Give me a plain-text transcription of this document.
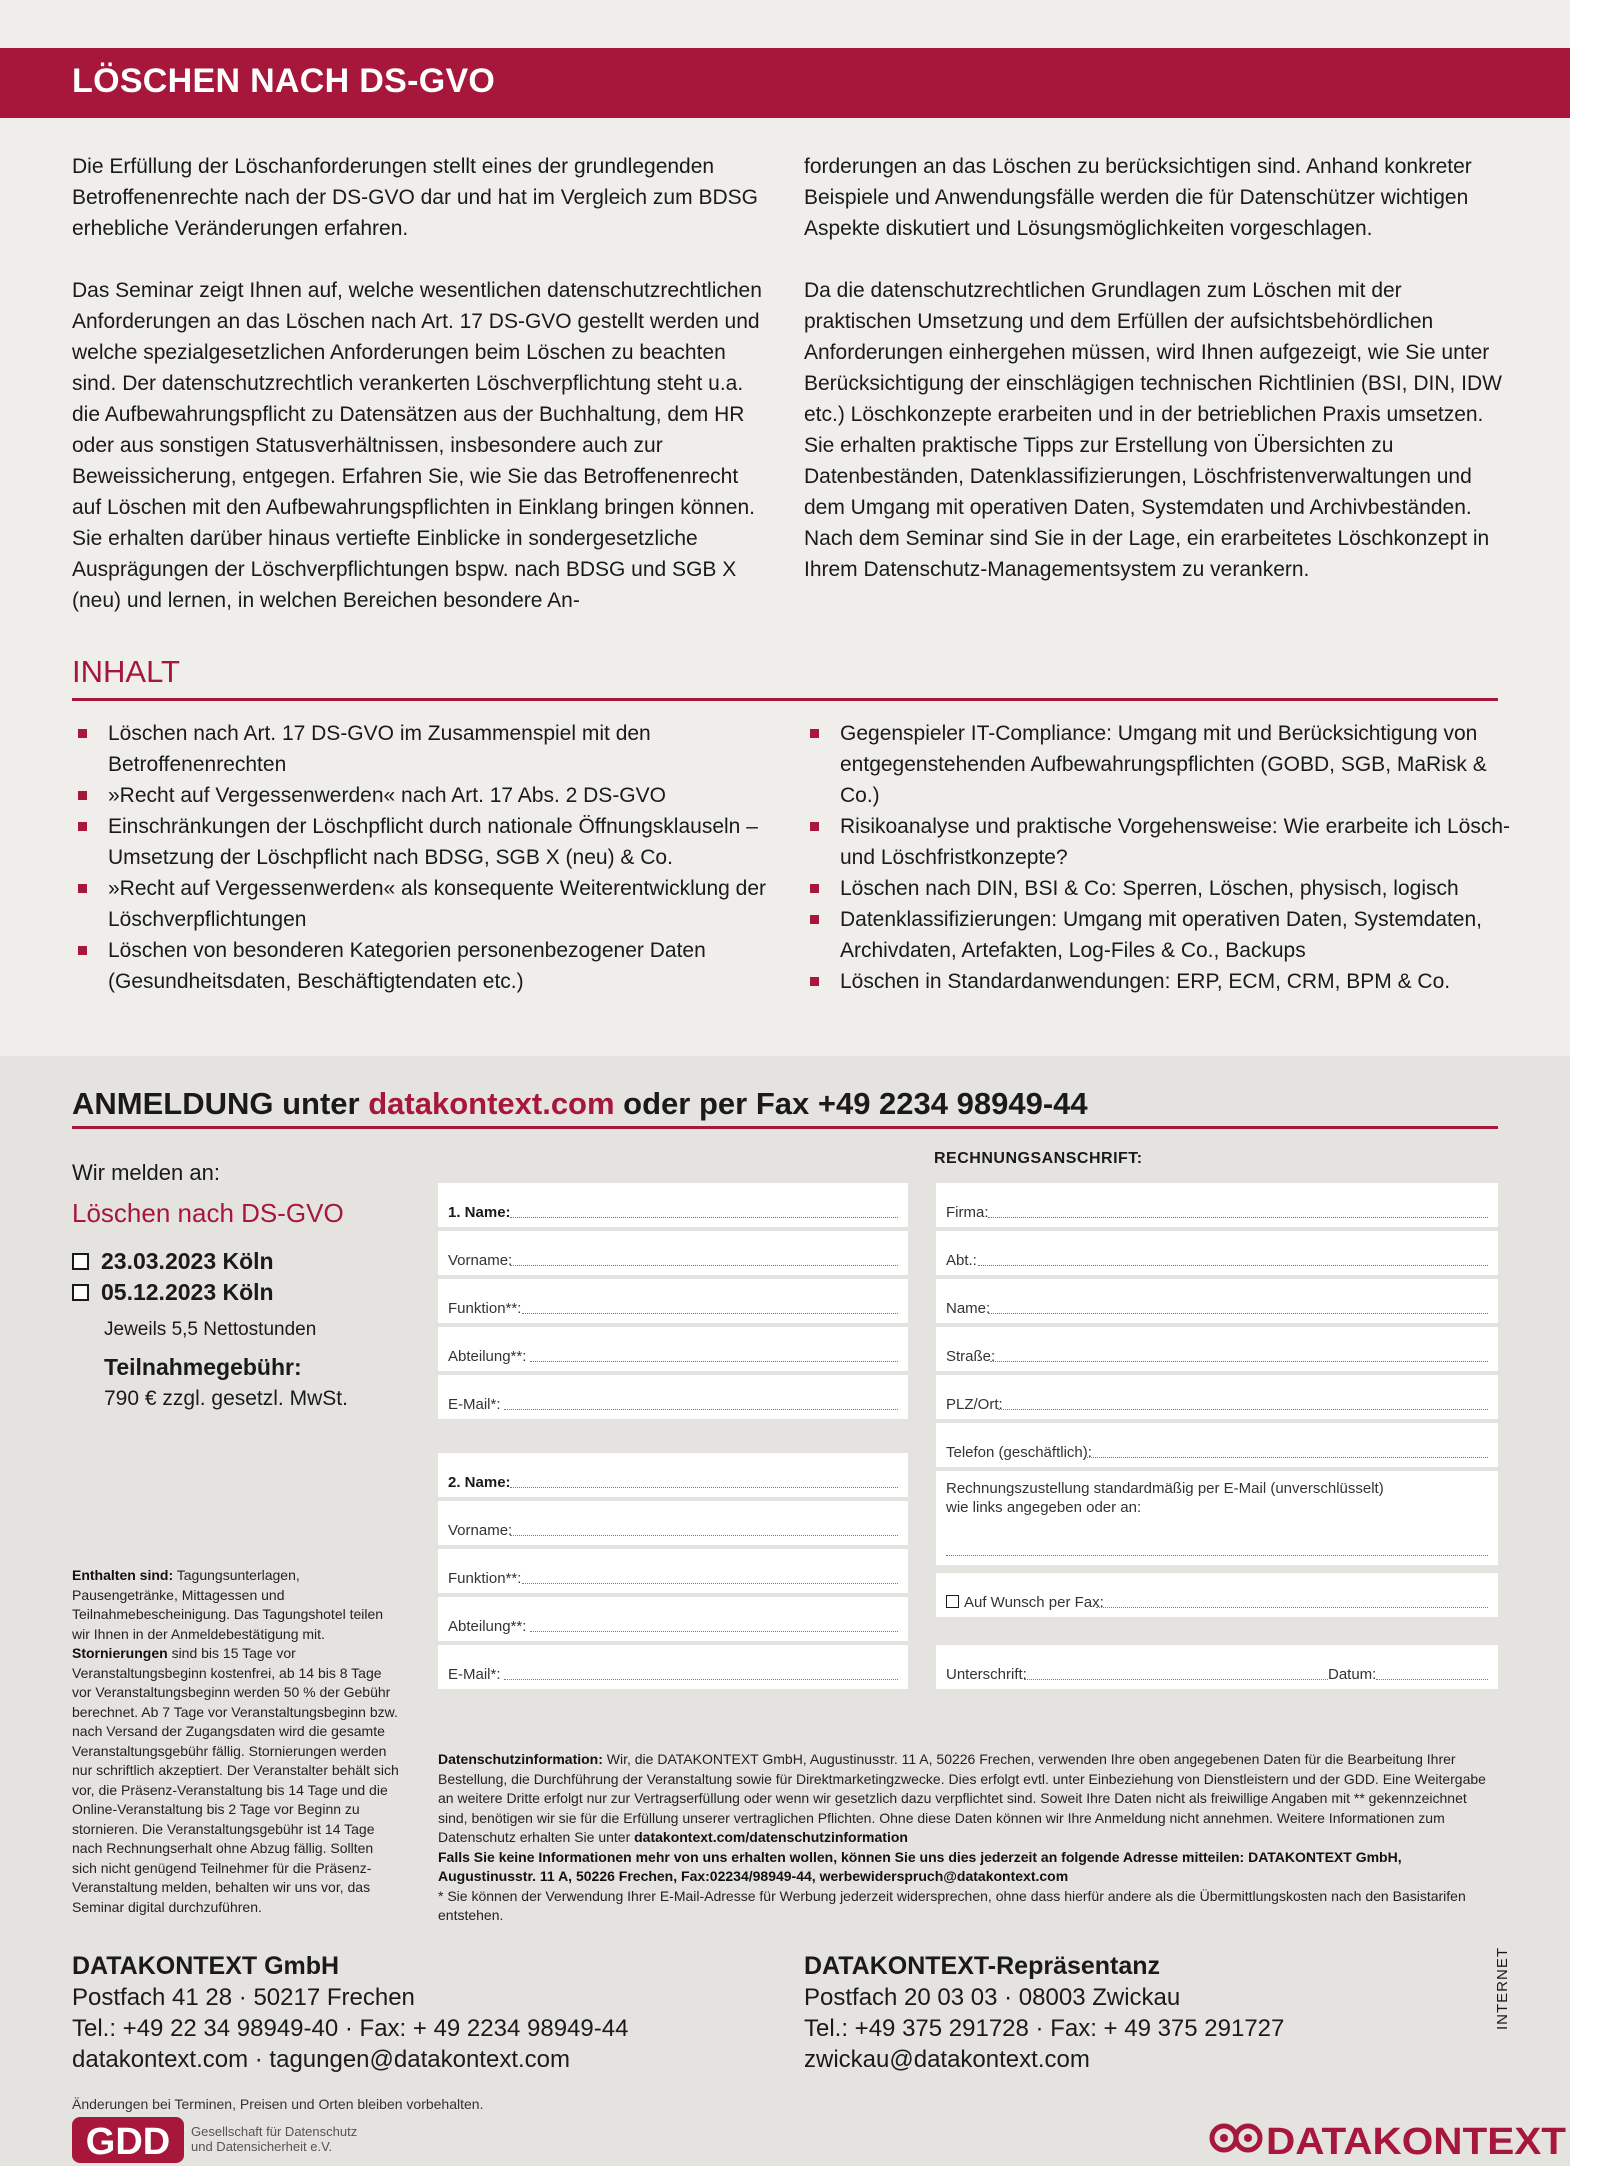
LÖSCHEN NACH DS-GVO

Die Erfüllung der Löschanforderungen stellt eines der grundlegenden Betroffenenrechte nach der DS-GVO dar und hat im Vergleich zum BDSG erhebliche Veränderungen erfahren.

Das Seminar zeigt Ihnen auf, welche wesentlichen datenschutzrechtlichen Anforderungen an das Löschen nach Art. 17 DS-GVO gestellt werden und welche spezialgesetzlichen Anforderungen beim Löschen zu beachten sind. Der datenschutzrechtlich verankerten Löschverpflichtung steht u.a. die Aufbewahrungspflicht zu Datensätzen aus der Buchhaltung, dem HR oder aus sonstigen Statusverhältnissen, insbesondere auch zur Beweissicherung, entgegen. Erfahren Sie, wie Sie das Betroffenenrecht auf Löschen mit den Aufbewahrungspflichten in Einklang bringen können. Sie erhalten darüber hinaus vertiefte Einblicke in sondergesetzliche Ausprägungen der Löschverpflichtungen bspw. nach BDSG und SGB X (neu) und lernen, in welchen Bereichen besondere An-

forderungen an das Löschen zu berücksichtigen sind. Anhand konkreter Beispiele und Anwendungsfälle werden die für Datenschützer wichtigen Aspekte diskutiert und Lösungsmöglichkeiten vorgeschlagen.

Da die datenschutzrechtlichen Grundlagen zum Löschen mit der praktischen Umsetzung und dem Erfüllen der aufsichtsbehördlichen Anforderungen einhergehen müssen, wird Ihnen aufgezeigt, wie Sie unter Berücksichtigung der einschlägigen technischen Richtlinien (BSI, DIN, IDW etc.) Löschkonzepte erarbeiten und in der betrieblichen Praxis umsetzen. Sie erhalten praktische Tipps zur Erstellung von Übersichten zu Datenbeständen, Datenklassifizierungen, Löschfristenverwaltungen und dem Umgang mit operativen Daten, Systemdaten und Archivbeständen. Nach dem Seminar sind Sie in der Lage, ein erarbeitetes Löschkonzept in Ihrem Datenschutz-Managementsystem zu verankern.

INHALT
Löschen nach Art. 17 DS-GVO im Zusammenspiel mit den Betroffenenrechten
»Recht auf Vergessenwerden« nach Art. 17 Abs. 2 DS-GVO
Einschränkungen der Löschpflicht durch nationale Öffnungsklauseln – Umsetzung der Löschpflicht nach BDSG, SGB X (neu) & Co.
»Recht auf Vergessenwerden« als konsequente Weiterentwicklung der Löschverpflichtungen
Löschen von besonderen Kategorien personenbezogener Daten (Gesundheitsdaten, Beschäftigtendaten etc.)
Gegenspieler IT-Compliance: Umgang mit und Berücksichtigung von entgegenstehenden Aufbewahrungspflichten (GOBD, SGB, MaRisk & Co.)
Risikoanalyse und praktische Vorgehensweise: Wie erarbeite ich Lösch- und Löschfristkonzepte?
Löschen nach DIN, BSI & Co: Sperren, Löschen, physisch, logisch
Datenklassifizierungen: Umgang mit operativen Daten, Systemdaten, Archivdaten, Artefakten, Log-Files & Co., Backups
Löschen in Standardanwendungen: ERP, ECM, CRM, BPM & Co.
ANMELDUNG unter datakontext.com oder per Fax +49 2234 98949-44
Wir melden an:
Löschen nach DS-GVO
23.03.2023 Köln
05.12.2023 Köln
Jeweils 5,5 Nettostunden
Teilnahmegebühr:
790 € zzgl. gesetzl. MwSt.
RECHNUNGSANSCHRIFT:
1. Name:
Vorname:
Funktion**:
Abteilung**:
E-Mail*:
2. Name:
Vorname:
Funktion**:
Abteilung**:
E-Mail*:
Firma:
Abt.:
Name:
Straße:
PLZ/Ort:
Telefon (geschäftlich):
Rechnungszustellung standardmäßig per E-Mail (unverschlüsselt)
wie links angegeben oder an:
Auf Wunsch per Fax:
Unterschrift:	Datum:
Enthalten sind: Tagungsunterlagen, Pausengetränke, Mittagessen und Teilnahmebescheinigung. Das Tagungshotel teilen wir Ihnen in der Anmeldebestätigung mit.
Stornierungen sind bis 15 Tage vor Veranstaltungsbeginn kostenfrei, ab 14 bis 8 Tage vor Veranstaltungsbeginn werden 50 % der Gebühr berechnet. Ab 7 Tage vor Veranstaltungsbeginn bzw. nach Versand der Zugangsdaten wird die gesamte Veranstaltungsgebühr fällig. Stornierungen werden nur schriftlich akzeptiert. Der Veranstalter behält sich vor, die Präsenz-Veranstaltung bis 14 Tage und die Online-Veranstaltung bis 2 Tage vor Beginn zu stornieren. Die Veranstaltungsgebühr ist 14 Tage nach Rechnungserhalt ohne Abzug fällig. Sollten sich nicht genügend Teilnehmer für die Präsenz-Veranstaltung melden, behalten wir uns vor, das Seminar digital durchzuführen.
Datenschutzinformation: Wir, die DATAKONTEXT GmbH, Augustinusstr. 11 A, 50226 Frechen, verwenden Ihre oben angegebenen Daten für die Bearbeitung Ihrer Bestellung, die Durchführung der Veranstaltung sowie für Direktmarketingzwecke. Dies erfolgt evtl. unter Einbeziehung von Dienstleistern und der GDD. Eine Weitergabe an weitere Dritte erfolgt nur zur Vertragserfüllung oder wenn wir gesetzlich dazu verpflichtet sind. Soweit Ihre Daten nicht als freiwillige Angaben mit ** gekennzeichnet sind, benötigen wir sie für die Erfüllung unserer vertraglichen Pflichten. Ohne diese Daten können wir Ihre Anmeldung nicht annehmen. Weitere Informationen zum Datenschutz erhalten Sie unter datakontext.com/datenschutzinformation
Falls Sie keine Informationen mehr von uns erhalten wollen, können Sie uns dies jederzeit an folgende Adresse mitteilen: DATAKONTEXT GmbH, Augustinusstr. 11 A, 50226 Frechen, Fax:02234/98949-44, werbewiderspruch@datakontext.com
* Sie können der Verwendung Ihrer E-Mail-Adresse für Werbung jederzeit widersprechen, ohne dass hierfür andere als die Übermittlungskosten nach den Basistarifen entstehen.
DATAKONTEXT GmbH
Postfach 41 28 · 50217 Frechen
Tel.: +49 22 34 98949-40 · Fax: + 49 2234 98949-44
datakontext.com · tagungen@datakontext.com
DATAKONTEXT-Repräsentanz
Postfach 20 03 03 · 08003 Zwickau
Tel.: +49 375 291728 · Fax: + 49 375 291727
zwickau@datakontext.com
INTERNET
Änderungen bei Terminen, Preisen und Orten bleiben vorbehalten.
GDD Gesellschaft für Datenschutz
und Datensicherheit e.V.	DATAKONTEXT
